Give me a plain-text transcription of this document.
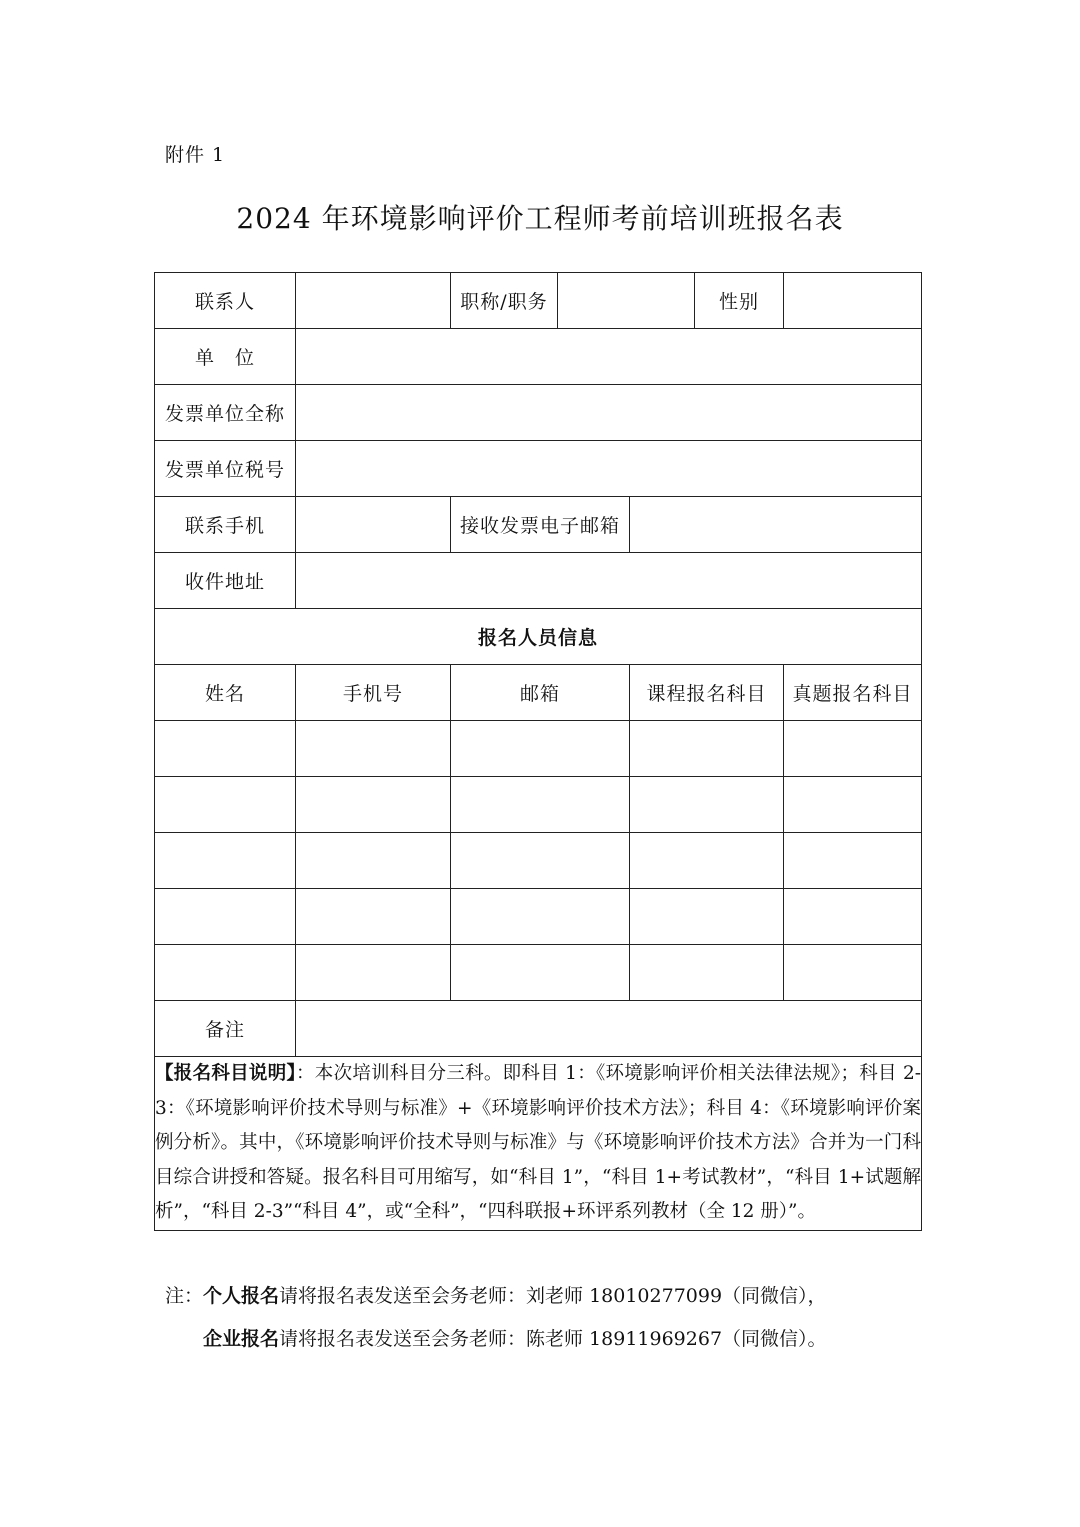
附件 1
2024 年环境影响评价工程师考前培训班报名表
联系人		职称/职务			性别	
单　位						
发票单位全称						
发票单位税号						
联系手机		接收发票电子邮箱				
收件地址						
报名人员信息						
姓名	手机号	邮箱		课程报名科目		真题报名科目

备注						

【报名科目说明】：本次培训科目分三科。即科目 1：《环境影响评价相关法律法规》；科目 2-3：《环境影响评价技术导则与标准》+《环境影响评价技术方法》；科目 4：《环境影响评价案例分析》。其中，《环境影响评价技术导则与标准》与《环境影响评价技术方法》合并为一门科目综合讲授和答疑。报名科目可用缩写，如“科目 1”，“科目 1+考试教材”，“科目 1+试题解析”，“科目 2-3”“科目 4”，或“全科”，“四科联报+环评系列教材（全 12 册）”。						
注：个人报名请将报名表发送至会务老师：刘老师 18010277099（同微信），
企业报名请将报名表发送至会务老师：陈老师 18911969267（同微信）。
